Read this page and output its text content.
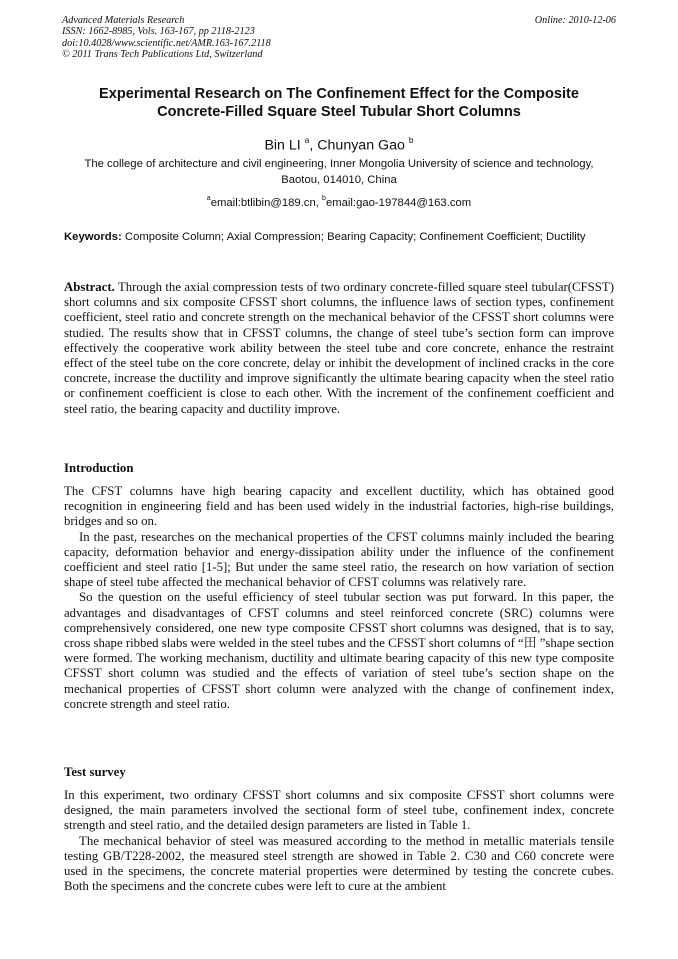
Advanced Materials Research
ISSN: 1662-8985, Vols. 163-167, pp 2118-2123
doi:10.4028/www.scientific.net/AMR.163-167.2118
© 2011 Trans Tech Publications Ltd, Switzerland
Online: 2010-12-06
Experimental Research on The Confinement Effect for the Composite
Concrete-Filled Square Steel Tubular Short Columns
Bin LI $^a$, Chunyan Gao $^b$
The college of architecture and civil engineering, Inner Mongolia University of science and technology, Baotou, 014010, China
$^a$email:btlibin@189.cn, $^b$email:gao-197844@163.com
Keywords: Composite Column; Axial Compression; Bearing Capacity; Confinement Coefficient; Ductility
Abstract. Through the axial compression tests of two ordinary concrete-filled square steel tubular(CFSST) short columns and six composite CFSST short columns, the influence laws of section types, confinement coefficient, steel ratio and concrete strength on the mechanical behavior of the CFSST short columns were studied. The results show that in CFSST columns, the change of steel tube’s section form can improve effectively the cooperative work ability between the steel tube and core concrete, enhance the restraint effect of the steel tube on the core concrete, delay or inhibit the development of inclined cracks in the core concrete, increase the ductility and improve significantly the ultimate bearing capacity when the steel ratio or confinement coefficient is close to each other. With the increment of the confinement coefficient and steel ratio, the bearing capacity and ductility improve.
Introduction

The CFST columns have high bearing capacity and excellent ductility, which has obtained good recognition in engineering field and has been used widely in the industrial factories, high-rise buildings, bridges and so on.

In the past, researches on the mechanical properties of the CFST columns mainly included the bearing capacity, deformation behavior and energy-dissipation ability under the influence of the confinement coefficient and steel ratio [1-5]; But under the same steel ratio, the research on how variation of section shape of steel tube affected the mechanical behavior of CFST columns was relatively rare.

So the question on the useful efficiency of steel tubular section was put forward. In this paper, the advantages and disadvantages of CFST columns and steel reinforced concrete (SRC) columns were comprehensively considered, one new type composite CFSST short columns was designed, that is to say, cross shape ribbed slabs were welded in the steel tubes and the CFSST short columns of “田 ”shape section were formed. The working mechanism, ductility and ultimate bearing capacity of this new type composite CFSST short column was studied and the effects of variation of steel tube’s section shape on the mechanical properties of CFSST short column were analyzed with the change of confinement index, concrete strength and steel ratio.

Test survey

In this experiment, two ordinary CFSST short columns and six composite CFSST short columns were designed, the main parameters involved the sectional form of steel tube, confinement index, concrete strength and steel ratio, and the detailed design parameters are listed in Table 1.

The mechanical behavior of steel was measured according to the method in metallic materials tensile testing GB/T228-2002, the measured steel strength are showed in Table 2. C30 and C60 concrete were used in the specimens, the concrete material properties were determined by testing the concrete cubes. Both the specimens and the concrete cubes were left to cure at the ambient
